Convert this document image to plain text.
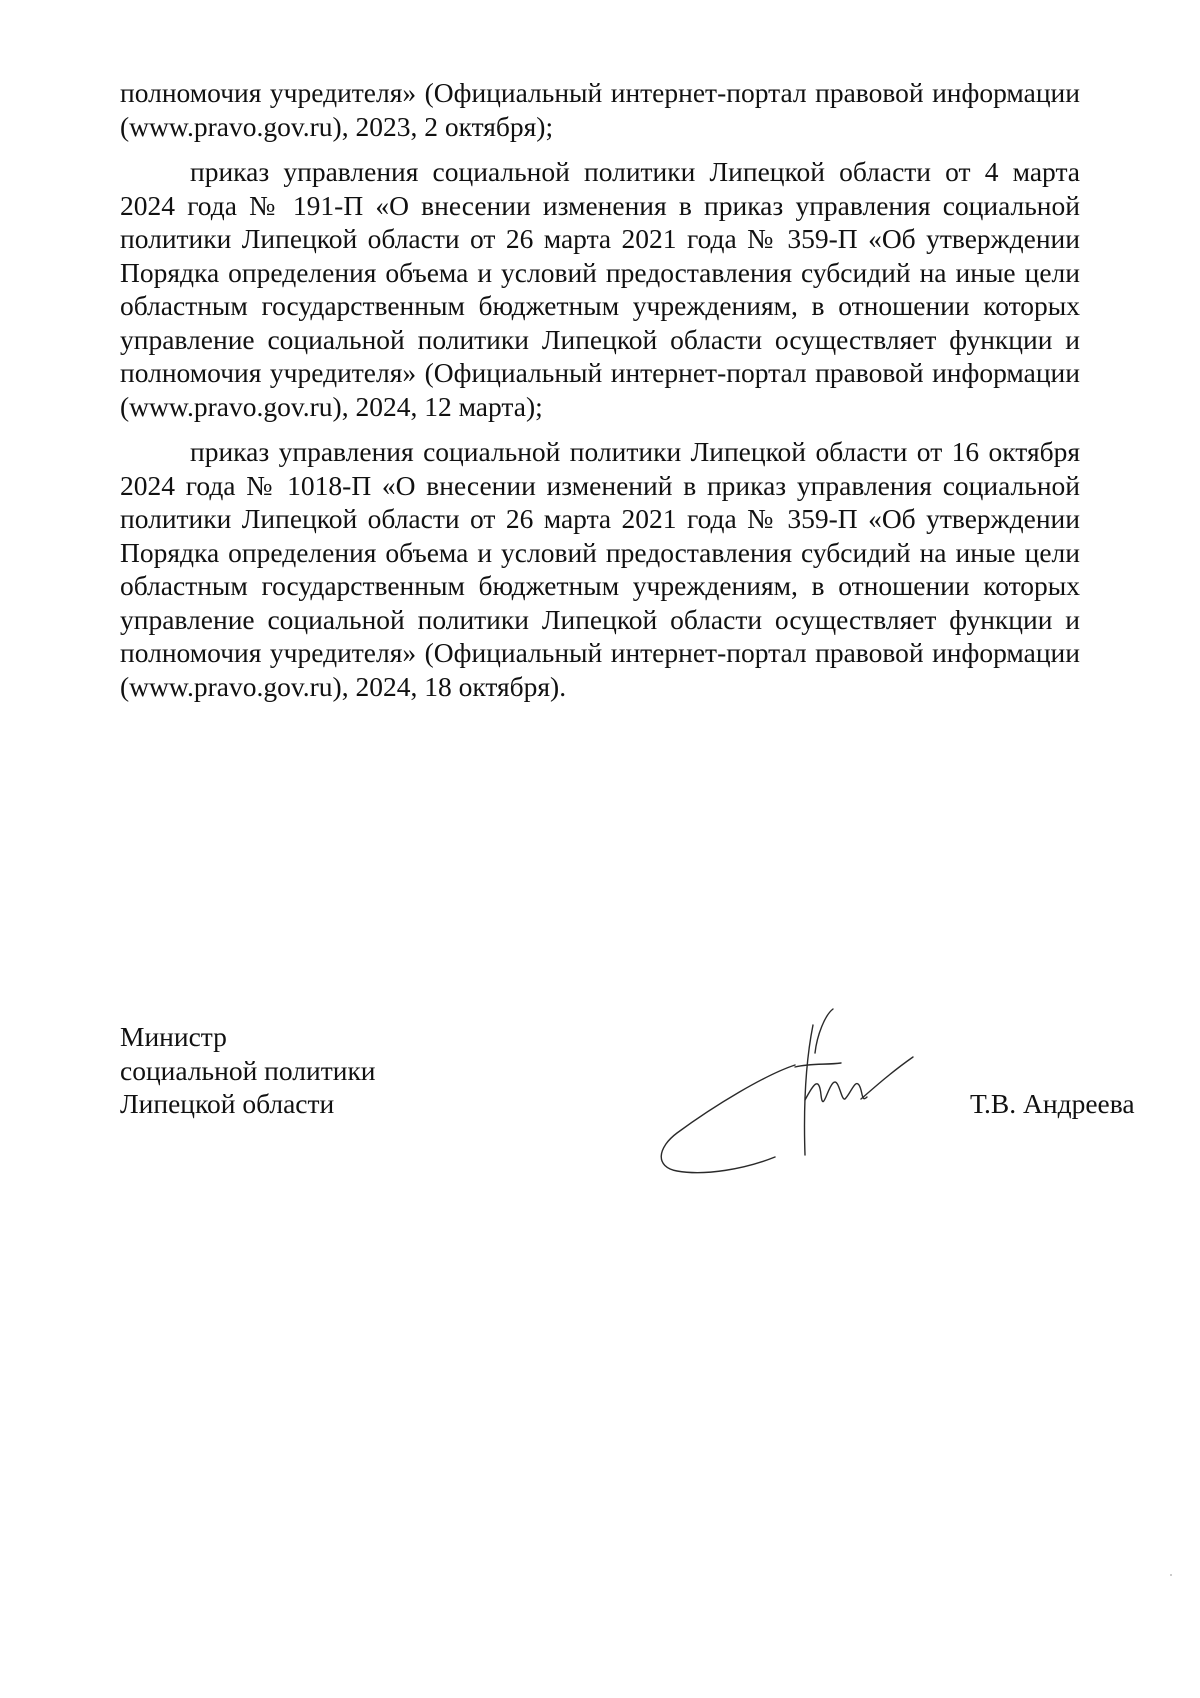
полномочия учредителя» (Официальный интернет-портал правовой информации (www.pravo.gov.ru), 2023, 2 октября);

приказ управления социальной политики Липецкой области от 4 марта 2024 года № 191-П «О внесении изменения в приказ управления социальной политики Липецкой области от 26 марта 2021 года № 359-П «Об утверждении Порядка определения объема и условий предоставления субсидий на иные цели областным государственным бюджетным учреждениям, в отношении которых управление социальной политики Липецкой области осуществляет функции и полномочия учредителя» (Официальный интернет-портал правовой информации (www.pravo.gov.ru), 2024, 12 марта);

приказ управления социальной политики Липецкой области от 16 октября 2024 года № 1018-П «О внесении изменений в приказ управления социальной политики Липецкой области от 26 марта 2021 года № 359-П «Об утверждении Порядка определения объема и условий предоставления субсидий на иные цели областным государственным бюджетным учреждениям, в отношении которых управление социальной политики Липецкой области осуществляет функции и полномочия учредителя» (Официальный интернет-портал правовой информации (www.pravo.gov.ru), 2024, 18 октября).

Министр
социальной политики
Липецкой области	Т.В. Андреева
